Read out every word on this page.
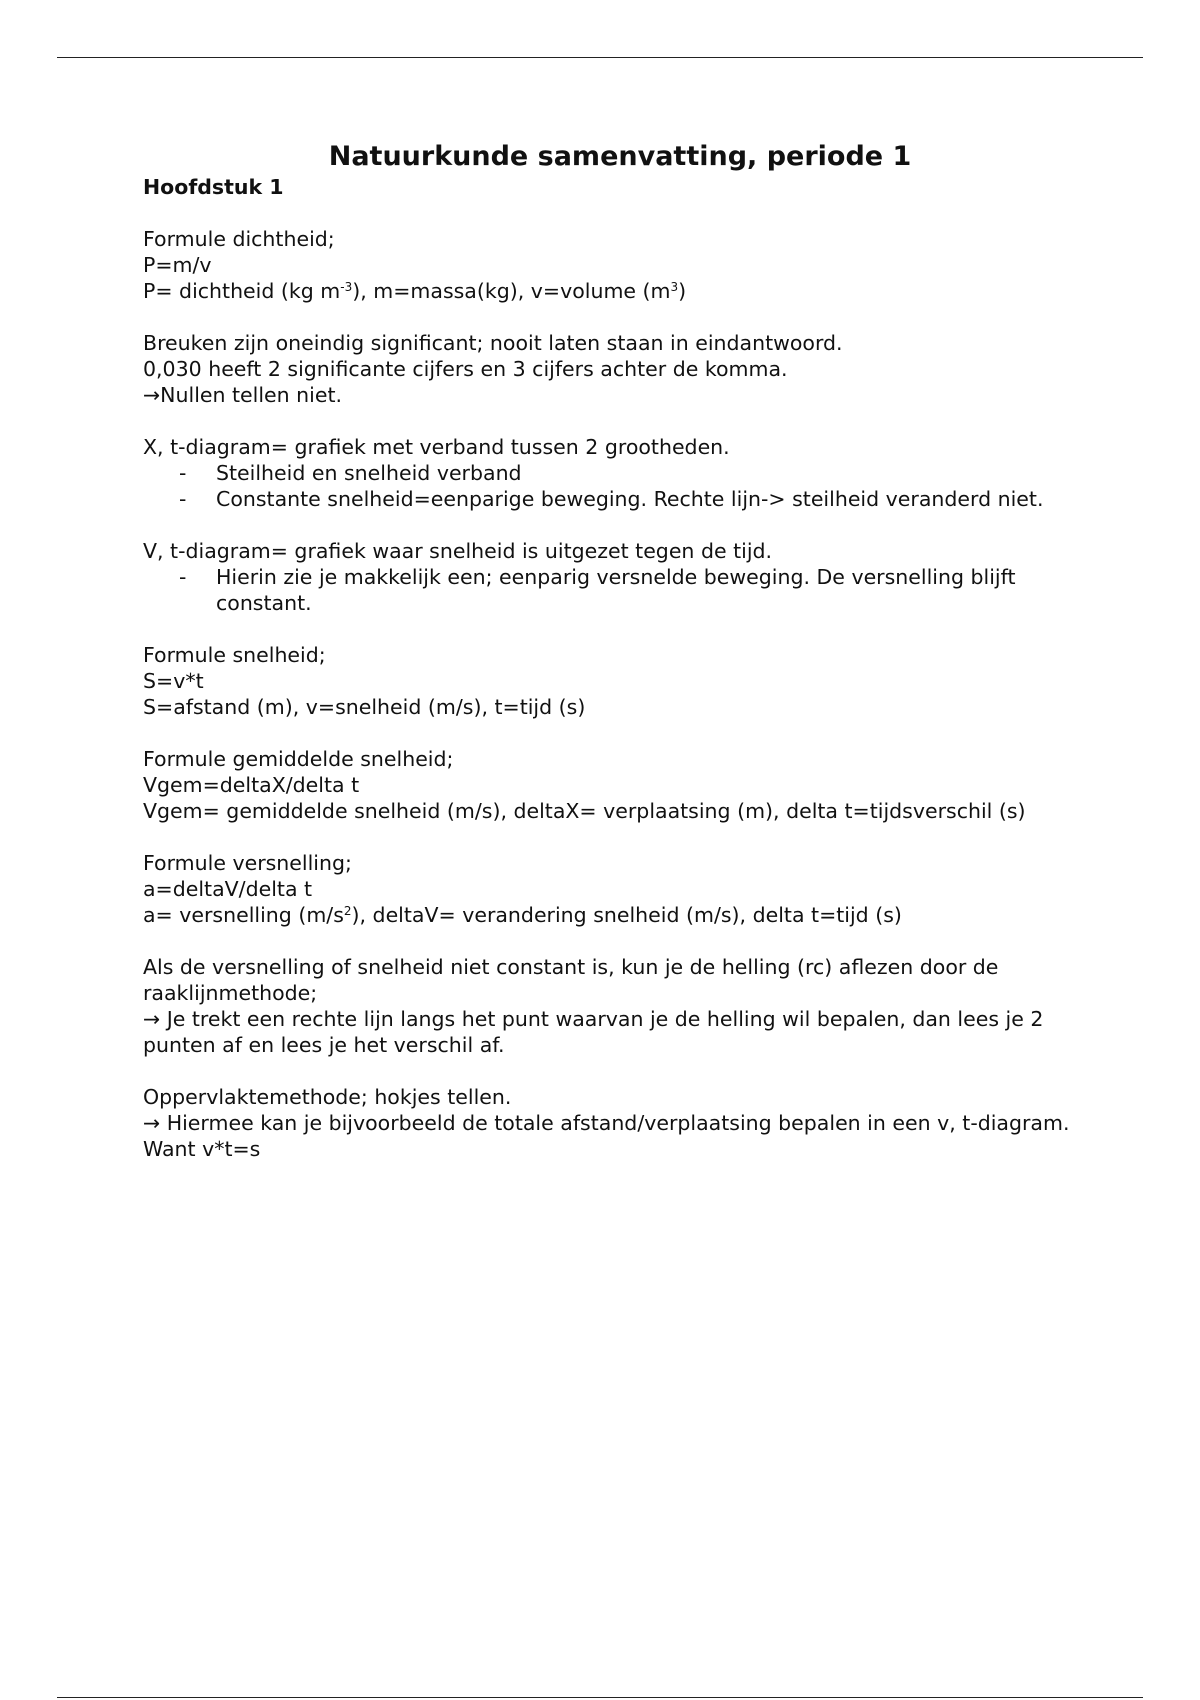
Natuurkunde samenvatting, periode 1
Hoofdstuk 1
Formule dichtheid;
P=m/v
P= dichtheid (kg $m^{-3}$), m=massa(kg), v=volume $(m^3)$
Breuken zijn oneindig significant; nooit laten staan in eindantwoord.
0,030 heeft 2 significante cijfers en 3 cijfers achter de komma.
→Nullen tellen niet.
X, t-diagram= grafiek met verband tussen 2 grootheden.
- Steilheid en snelheid verband
- Constante snelheid=eenparige beweging. Rechte lijn-> steilheid veranderd niet.
V, t-diagram= grafiek waar snelheid is uitgezet tegen de tijd.
- Hierin zie je makkelijk een; eenparig versnelde beweging. De versnelling blijft constant.
Formule snelheid;
S=v*t
S=afstand (m), v=snelheid (m/s), t=tijd (s)
Formule gemiddelde snelheid;
Vgem=deltaX/delta t
Vgem= gemiddelde snelheid (m/s), deltaX= verplaatsing (m), delta t=tijdsverschil (s)
Formule versnelling;
a=deltaV/delta t
a= versnelling $(m/s^2)$, deltaV= verandering snelheid (m/s), delta t=tijd (s)
Als de versnelling of snelheid niet constant is, kun je de helling (rc) aflezen door de raaklijnmethode;
→ Je trekt een rechte lijn langs het punt waarvan je de helling wil bepalen, dan lees je 2 punten af en lees je het verschil af.
Oppervlaktemethode; hokjes tellen.
→ Hiermee kan je bijvoorbeeld de totale afstand/verplaatsing bepalen in een v, t-diagram. Want v*t=s
